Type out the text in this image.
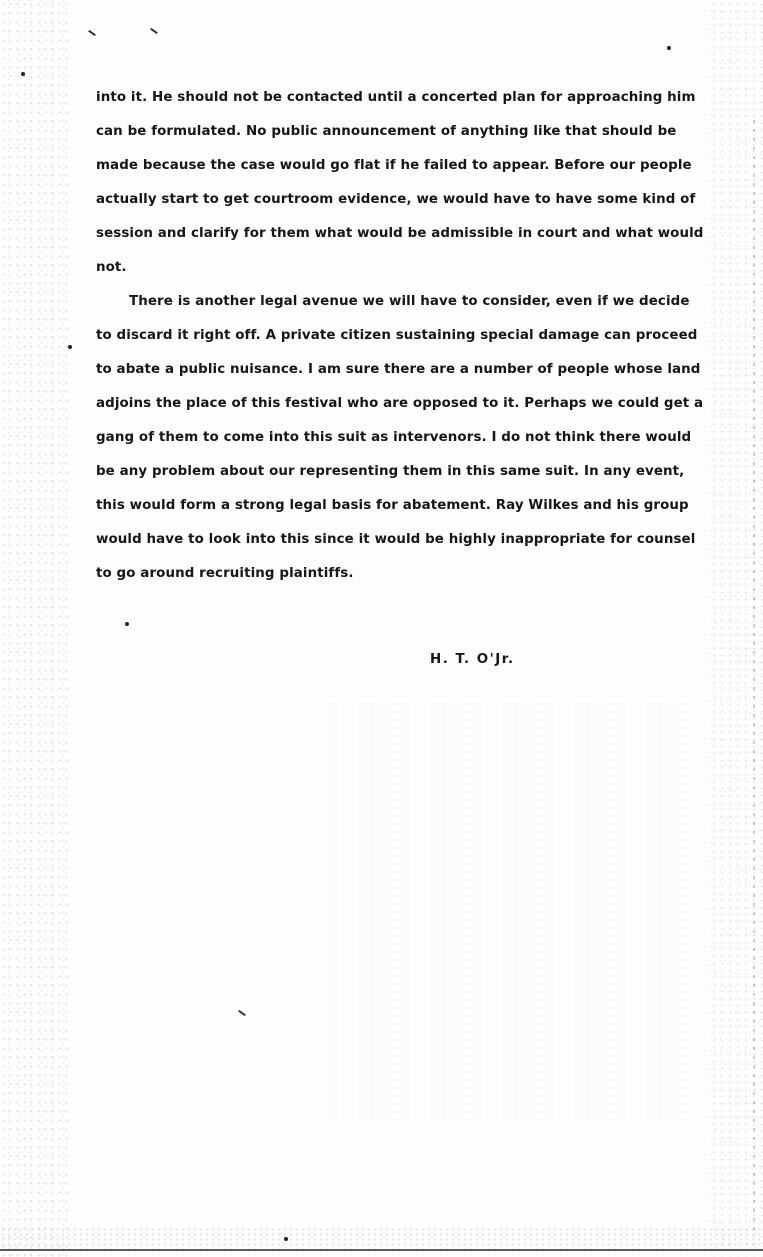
into it. He should not be contacted until a concerted plan for approaching him
can be formulated. No public announcement of anything like that should be
made because the case would go flat if he failed to appear. Before our people
actually start to get courtroom evidence, we would have to have some kind of
session and clarify for them what would be admissible in court and what would
not.
There is another legal avenue we will have to consider, even if we decide
to discard it right off. A private citizen sustaining special damage can proceed
to abate a public nuisance. I am sure there are a number of people whose land
adjoins the place of this festival who are opposed to it. Perhaps we could get a
gang of them to come into this suit as intervenors. I do not think there would
be any problem about our representing them in this same suit. In any event,
this would form a strong legal basis for abatement. Ray Wilkes and his group
would have to look into this since it would be highly inappropriate for counsel
to go around recruiting plaintiffs.
H. T. O'Jr.
